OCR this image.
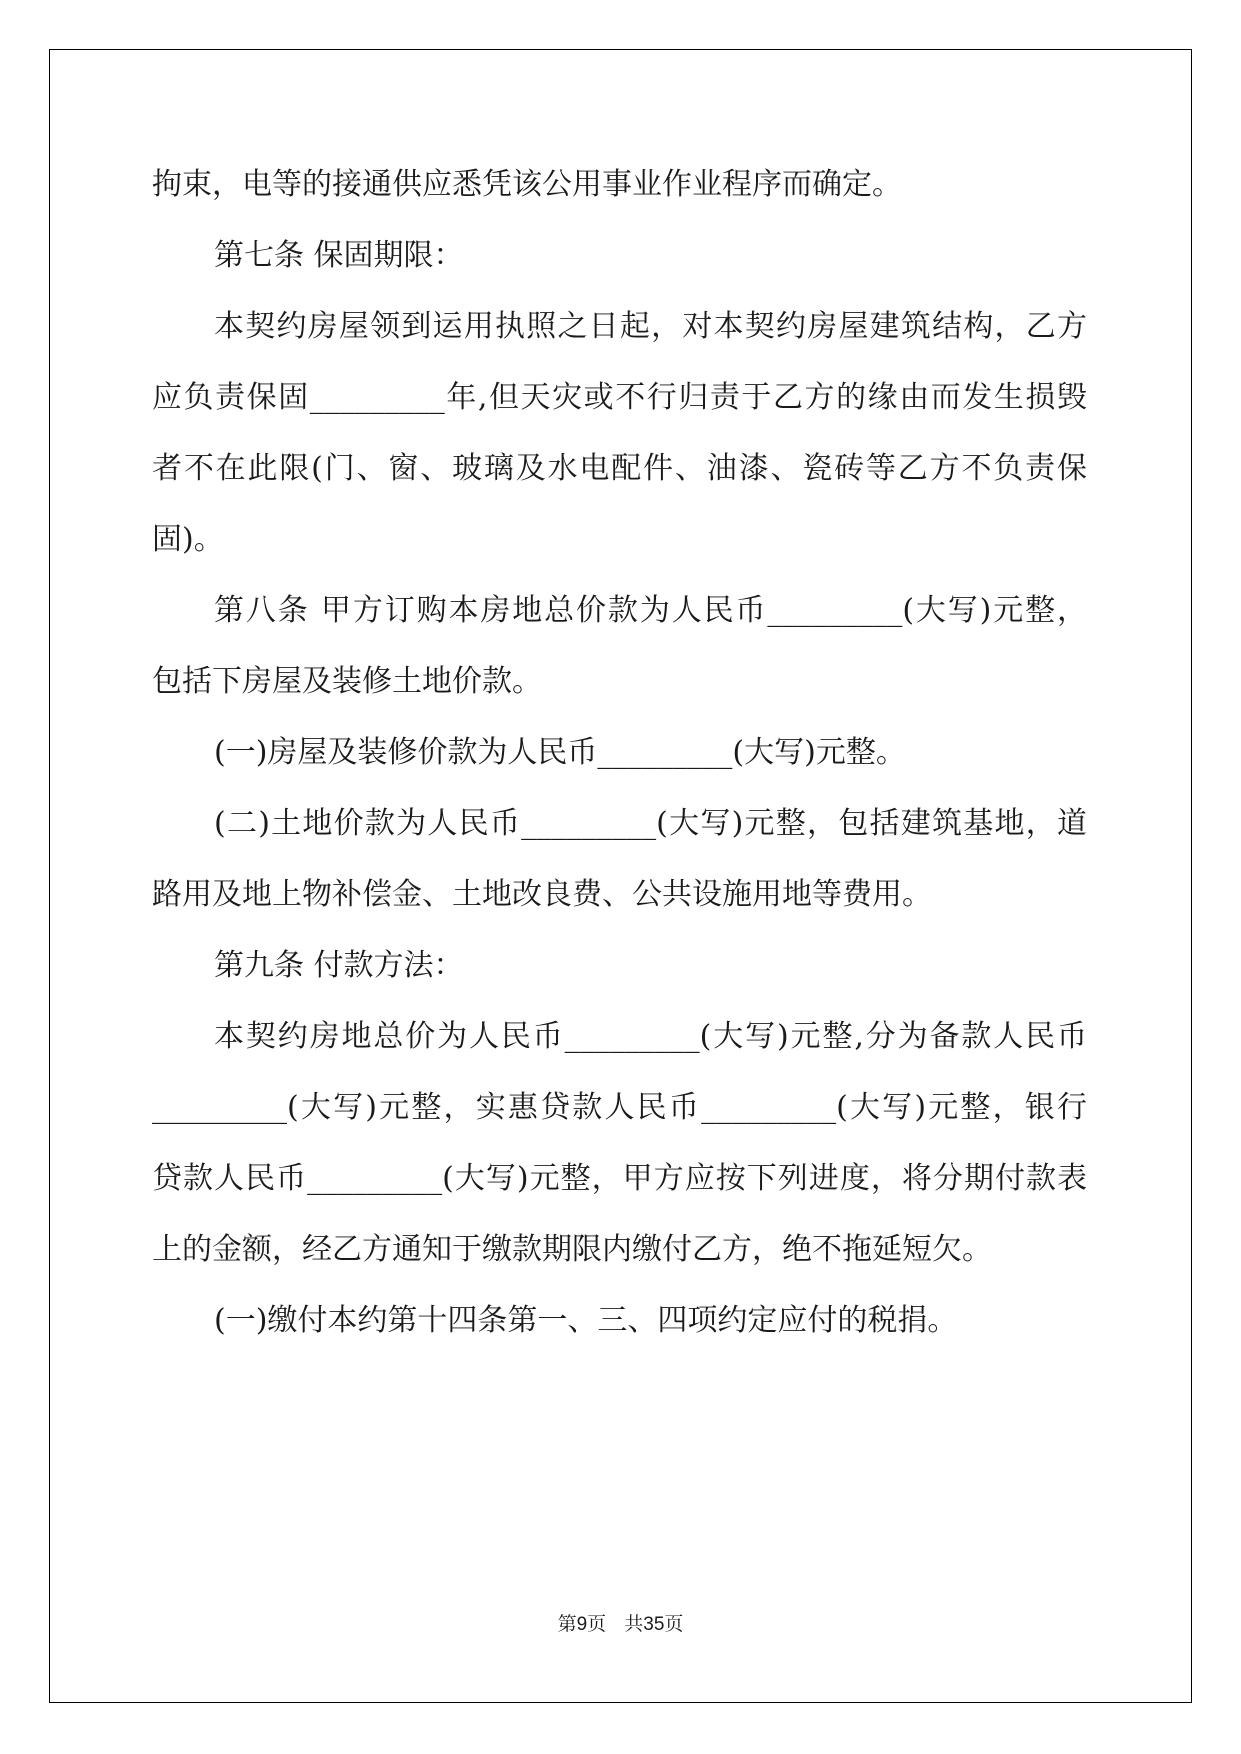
拘束，电等的接通供应悉凭该公用事业作业程序而确定。
第七条 保固期限：
本契约房屋领到运用执照之日起，对本契约房屋建筑结构，乙方
应负责保固_________年,但天灾或不行归责于乙方的缘由而发生损毁
者不在此限(门、窗、玻璃及水电配件、油漆、瓷砖等乙方不负责保
固)。
第八条 甲方订购本房地总价款为人民币_________(大写)元整，
包括下房屋及装修土地价款。
(一)房屋及装修价款为人民币_________(大写)元整。
(二)土地价款为人民币_________(大写)元整，包括建筑基地，道
路用及地上物补偿金、土地改良费、公共设施用地等费用。
第九条 付款方法：
本契约房地总价为人民币_________(大写)元整,分为备款人民币
_________(大写)元整，实惠贷款人民币_________(大写)元整，银行
贷款人民币_________(大写)元整，甲方应按下列进度，将分期付款表
上的金额，经乙方通知于缴款期限内缴付乙方，绝不拖延短欠。
(一)缴付本约第十四条第一、三、四项约定应付的税捐。
第9页   共35页
